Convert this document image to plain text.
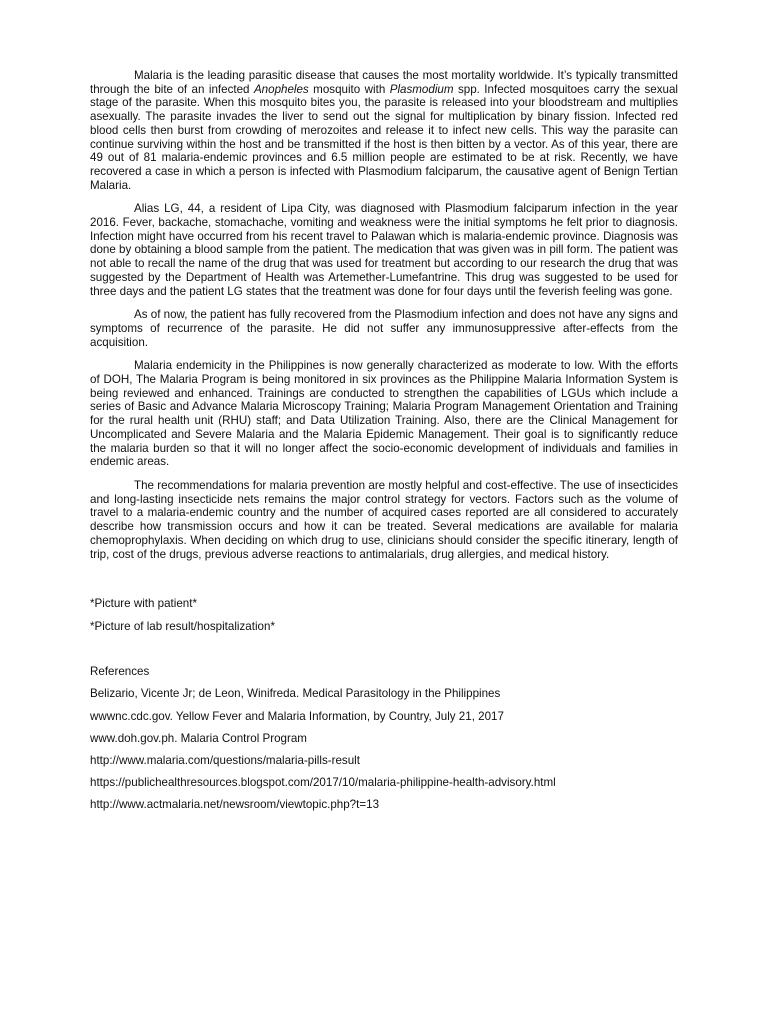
Malaria is the leading parasitic disease that causes the most mortality worldwide. It’s typically transmitted through the bite of an infected Anopheles mosquito with Plasmodium spp. Infected mosquitoes carry the sexual stage of the parasite. When this mosquito bites you, the parasite is released into your bloodstream and multiplies asexually. The parasite invades the liver to send out the signal for multiplication by binary fission. Infected red blood cells then burst from crowding of merozoites and release it to infect new cells. This way the parasite can continue surviving within the host and be transmitted if the host is then bitten by a vector. As of this year, there are 49 out of 81 malaria-endemic provinces and 6.5 million people are estimated to be at risk. Recently, we have recovered a case in which a person is infected with Plasmodium falciparum, the causative agent of Benign Tertian Malaria.

Alias LG, 44, a resident of Lipa City, was diagnosed with Plasmodium falciparum infection in the year 2016. Fever, backache, stomachache, vomiting and weakness were the initial symptoms he felt prior to diagnosis. Infection might have occurred from his recent travel to Palawan which is malaria-endemic province. Diagnosis was done by obtaining a blood sample from the patient. The medication that was given was in pill form. The patient was not able to recall the name of the drug that was used for treatment but according to our research the drug that was suggested by the Department of Health was Artemether-Lumefantrine. This drug was suggested to be used for three days and the patient LG states that the treatment was done for four days until the feverish feeling was gone.

As of now, the patient has fully recovered from the Plasmodium infection and does not have any signs and symptoms of recurrence of the parasite. He did not suffer any immunosuppressive after-effects from the acquisition.

Malaria endemicity in the Philippines is now generally characterized as moderate to low. With the efforts of DOH, The Malaria Program is being monitored in six provinces as the Philippine Malaria Information System is being reviewed and enhanced. Trainings are conducted to strengthen the capabilities of LGUs which include a series of Basic and Advance Malaria Microscopy Training; Malaria Program Management Orientation and Training for the rural health unit (RHU) staff; and Data Utilization Training. Also, there are the Clinical Management for Uncomplicated and Severe Malaria and the Malaria Epidemic Management. Their goal is to significantly reduce the malaria burden so that it will no longer affect the socio-economic development of individuals and families in endemic areas.

The recommendations for malaria prevention are mostly helpful and cost-effective. The use of insecticides and long-lasting insecticide nets remains the major control strategy for vectors. Factors such as the volume of travel to a malaria-endemic country and the number of acquired cases reported are all considered to accurately describe how transmission occurs and how it can be treated. Several medications are available for malaria chemoprophylaxis. When deciding on which drug to use, clinicians should consider the specific itinerary, length of trip, cost of the drugs, previous adverse reactions to antimalarials, drug allergies, and medical history.

*Picture with patient*

*Picture of lab result/hospitalization*

References

Belizario, Vicente Jr; de Leon, Winifreda. Medical Parasitology in the Philippines

wwwnc.cdc.gov. Yellow Fever and Malaria Information, by Country, July 21, 2017

www.doh.gov.ph. Malaria Control Program

http://www.malaria.com/questions/malaria-pills-result

https://publichealthresources.blogspot.com/2017/10/malaria-philippine-health-advisory.html

http://www.actmalaria.net/newsroom/viewtopic.php?t=13
